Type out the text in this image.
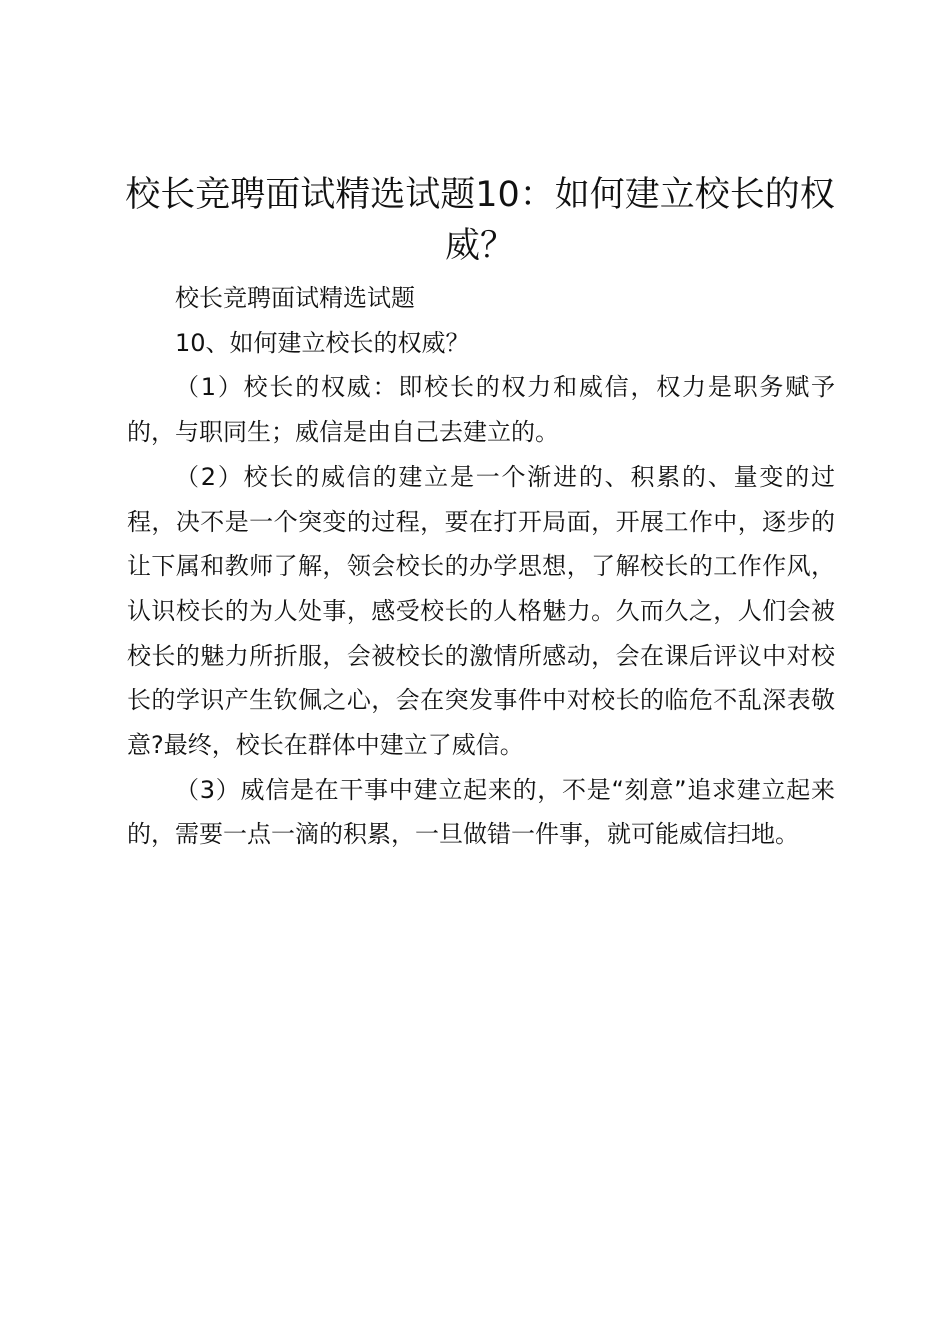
校长竞聘面试精选试题10：如何建立校长的权威？

校长竞聘面试精选试题

10、如何建立校长的权威？

（1）校长的权威：即校长的权力和威信，权力是职务赋予的，与职同生；威信是由自己去建立的。

（2）校长的威信的建立是一个渐进的、积累的、量变的过程，决不是一个突变的过程，要在打开局面，开展工作中，逐步的让下属和教师了解，领会校长的办学思想，了解校长的工作作风，认识校长的为人处事，感受校长的人格魅力。久而久之，人们会被校长的魅力所折服，会被校长的激情所感动，会在课后评议中对校长的学识产生钦佩之心，会在突发事件中对校长的临危不乱深表敬意?最终，校长在群体中建立了威信。

（3）威信是在干事中建立起来的，不是“刻意”追求建立起来的，需要一点一滴的积累，一旦做错一件事，就可能威信扫地。
